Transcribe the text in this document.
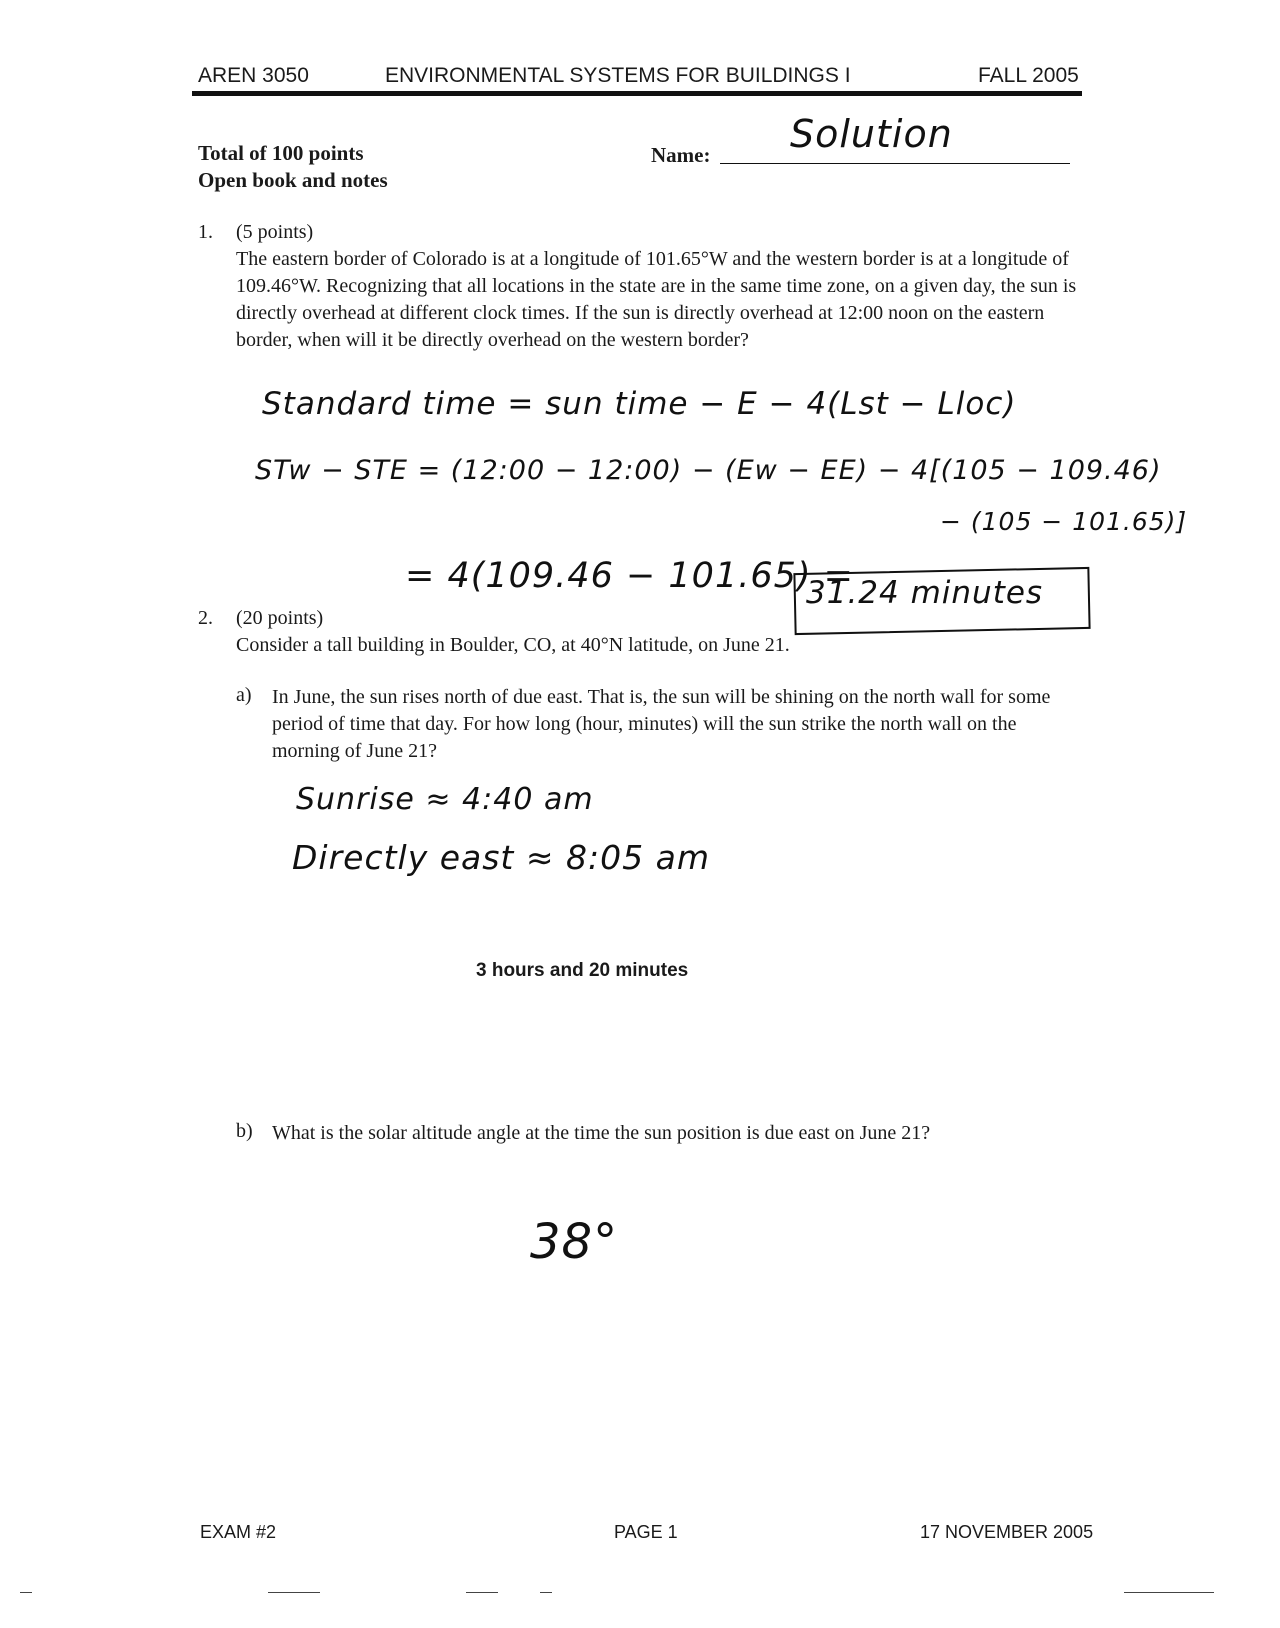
AREN 3050	ENVIRONMENTAL SYSTEMS FOR BUILDINGS I	FALL 2005
Total of 100 points
Open book and notes
Name: Solution
1. (5 points)
The eastern border of Colorado is at a longitude of 101.65°W and the western border is at a longitude of 109.46°W. Recognizing that all locations in the state are in the same time zone, on a given day, the sun is directly overhead at different clock times. If the sun is directly overhead at 12:00 noon on the eastern border, when will it be directly overhead on the western border?
Standard time = sun time − E − 4(Lst − Lloc)
STw − STE = (12:00 − 12:00) − (Ew − EE) − 4[(105 − 109.46)
− (105 − 101.65)]
= 4(109.46 − 101.65) =
31.24 minutes
2. (20 points)
Consider a tall building in Boulder, CO, at 40°N latitude, on June 21.
a) In June, the sun rises north of due east. That is, the sun will be shining on the north wall for some period of time that day. For how long (hour, minutes) will the sun strike the north wall on the morning of June 21?
Sunrise ≈ 4:40 am
Directly east ≈ 8:05 am
3 hours and 20 minutes
b) What is the solar altitude angle at the time the sun position is due east on June 21?
38°
EXAM #2	PAGE 1	17 NOVEMBER 2005
